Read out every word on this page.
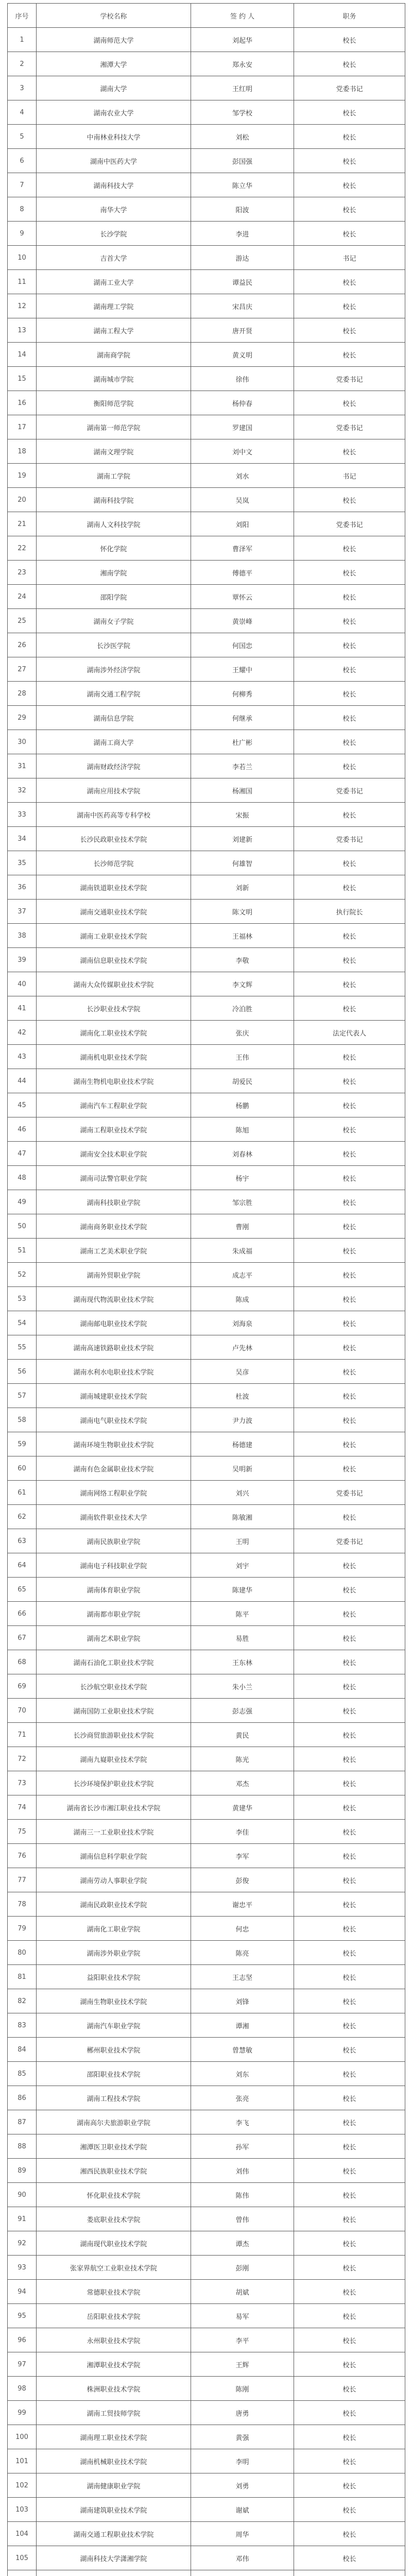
序号	学校名称	签 约 人	职务
1	湖南师范大学	刘起华	校长
2	湘潭大学	郑永安	校长
3	湖南大学	王红明	党委书记
4	湖南农业大学	邹学校	校长
5	中南林业科技大学	刘松	校长
6	湖南中医药大学	彭国强	校长
7	湖南科技大学	陈立华	校长
8	南华大学	阳波	校长
9	长沙学院	李进	校长
10	吉首大学	游达	书记
11	湖南工业大学	谭益民	校长
12	湖南理工学院	宋昌庆	校长
13	湖南工程大学	唐开贤	校长
14	湖南商学院	黄义明	校长
15	湖南城市学院	徐伟	党委书记
16	衡阳师范学院	杨仲春	校长
17	湖南第一师范学院	罗建国	党委书记
18	湖南文理学院	刘中文	校长
19	湖南工学院	刘水	书记
20	湖南科技学院	吴岚	校长
21	湖南人文科技学院	刘阳	党委书记
22	怀化学院	曹泽军	校长
23	湘南学院	傅德平	校长
24	邵阳学院	覃怀云	校长
25	湖南女子学院	黄崇峰	校长
26	长沙医学院	何国忠	校长
27	湖南涉外经济学院	王耀中	校长
28	湖南交通工程学院	何柳秀	校长
29	湖南信息学院	何继承	校长
30	湖南工商大学	杜广彬	校长
31	湖南财政经济学院	李若兰	校长
32	湖南应用技术学院	杨湘国	党委书记
33	湖南中医药高等专科学校	宋振	校长
34	长沙民政职业技术学院	刘建新	党委书记
35	长沙师范学院	何雄智	校长
36	湖南铁道职业技术学院	刘新	校长
37	湖南交通职业技术学院	陈文明	执行院长
38	湖南工业职业技术学院	王福林	校长
39	湖南信息职业技术学院	李敬	校长
40	湖南大众传媒职业技术学院	李文辉	校长
41	长沙职业技术学院	冷泊胜	校长
42	湖南化工职业技术学院	张庆	法定代表人
43	湖南机电职业技术学院	王伟	校长
44	湖南生物机电职业技术学院	胡爱民	校长
45	湖南汽车工程职业学院	杨鹏	校长
46	湖南工程职业技术学院	陈旭	校长
47	湖南安全技术职业学院	刘春林	校长
48	湖南司法警官职业学院	杨宇	校长
49	湖南科技职业学院	邹宗胜	校长
50	湖南商务职业技术学院	曹刚	校长
51	湖南工艺美术职业学院	朱成福	校长
52	湖南外贸职业学院	成志平	校长
53	湖南现代物流职业技术学院	陈成	校长
54	湖南邮电职业技术学院	刘海泉	校长
55	湖南高速铁路职业技术学院	卢先林	校长
56	湖南水利水电职业技术学院	吴彦	校长
57	湖南城建职业技术学院	杜波	校长
58	湖南电气职业技术学院	尹力波	校长
59	湖南环境生物职业技术学院	杨德建	校长
60	湖南有色金属职业技术学院	吴明新	校长
61	湖南网络工程职业学院	刘兴	党委书记
62	湖南软件职业技术大学	陈敏湘	校长
63	湖南民族职业学院	王明	党委书记
64	湖南电子科技职业学院	刘宇	校长
65	湖南体育职业学院	陈建华	校长
66	湖南都市职业学院	陈平	校长
67	湖南艺术职业学院	易胜	校长
68	湖南石油化工职业技术学院	王东林	校长
69	长沙航空职业技术学院	朱小兰	校长
70	湖南国防工业职业技术学院	彭志强	校长
71	长沙商贸旅游职业技术学院	黄民	校长
72	湖南九嶷职业技术学院	陈光	校长
73	长沙环境保护职业技术学院	邓杰	校长
74	湖南省长沙市湘江职业技术学院	黄建华	校长
75	湖南三一工业职业技术学院	李佳	校长
76	湖南信息科学职业学院	李军	校长
77	湖南劳动人事职业学院	彭俊	校长
78	湖南民政职业技术学院	谢忠平	校长
79	湖南化工职业学院	何忠	校长
80	湖南涉外职业学院	陈亮	校长
81	益阳职业技术学院	王志坚	校长
82	湖南生物职业技术学院	刘锋	校长
83	湖南汽车职业学院	谭湘	校长
84	郴州职业技术学院	曾慧敏	校长
85	邵阳职业技术学院	刘东	校长
86	湖南工程技术学院	张亮	校长
87	湖南高尔夫旅游职业学院	李飞	校长
88	湘潭医卫职业技术学院	孙军	校长
89	湘西民族职业技术学院	刘伟	校长
90	怀化职业技术学院	陈伟	校长
91	娄底职业技术学院	曾伟	校长
92	湖南现代职业技术学院	谭杰	校长
93	张家界航空工业职业技术学院	彭刚	校长
94	常德职业技术学院	胡斌	校长
95	岳阳职业技术学院	易军	校长
96	永州职业技术学院	李平	校长
97	湘潭职业技术学院	王辉	校长
98	株洲职业技术学院	陈刚	校长
99	湖南工贸技师学院	唐勇	校长
100	湖南理工职业技术学院	黄强	校长
101	湖南机械职业技术学院	李明	校长
102	湖南健康职业学院	刘勇	校长
103	湖南建筑职业技术学院	谢斌	校长
104	湖南交通工程职业技术学院	周华	校长
105	湖南科技大学潇湘学院	邓伟	校长
